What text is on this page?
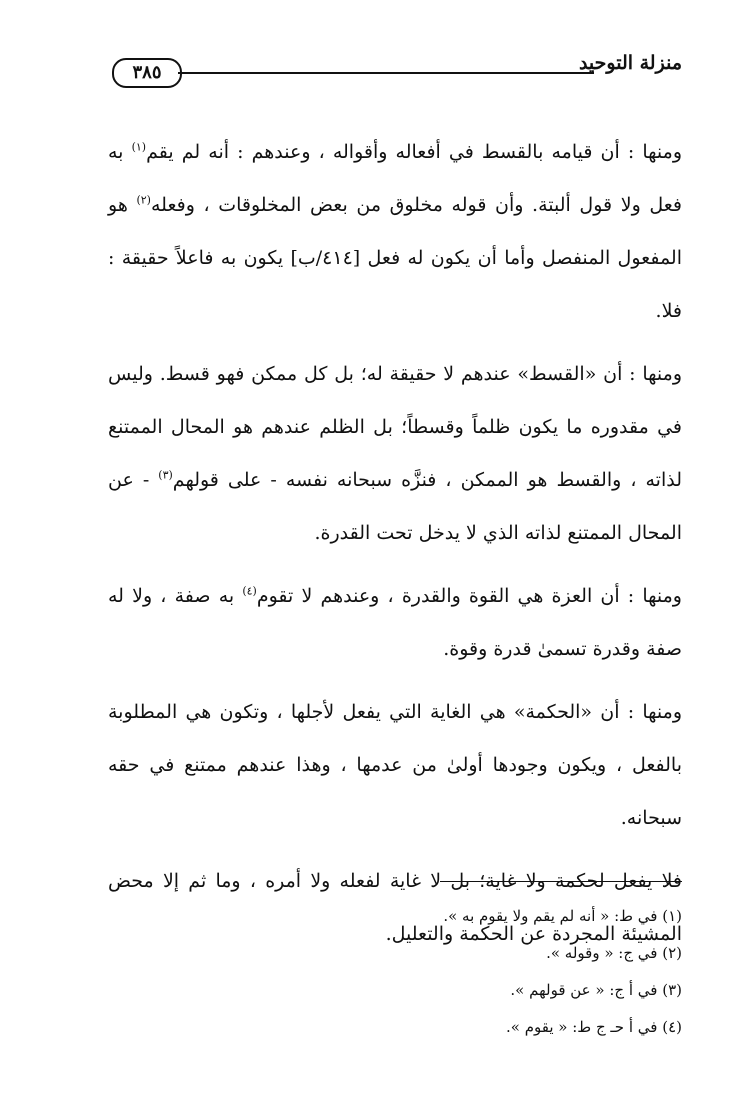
منزلة التوحيد
٣٨٥

ومنها : أن قيامه بالقسط في أفعاله وأقواله ، وعندهم : أنه لم يقم$^{(١)}$ به فعل ولا قول ألبتة. وأن قوله مخلوق من بعض المخلوقات ، وفعله$^{(٢)}$ هو المفعول المنفصل وأما أن يكون له فعل [٤١٤/ب] يكون به فاعلاً حقيقة : فلا.

ومنها : أن «القسط» عندهم لا حقيقة له؛ بل كل ممكن فهو قسط. وليس في مقدوره ما يكون ظلماً وقسطاً؛ بل الظلم عندهم هو المحال الممتنع لذاته ، والقسط هو الممكن ، فنزَّه سبحانه نفسه - على قولهم$^{(٣)}$ - عن المحال الممتنع لذاته الذي لا يدخل تحت القدرة.

ومنها : أن العزة هي القوة والقدرة ، وعندهم لا تقوم$^{(٤)}$ به صفة ، ولا له صفة وقدرة تسمىٰ قدرة وقوة.

ومنها : أن «الحكمة» هي الغاية التي يفعل لأجلها ، وتكون هي المطلوبة بالفعل ، ويكون وجودها أولىٰ من عدمها ، وهذا عندهم ممتنع في حقه سبحانه.

فلا يفعل لحكمة ولا غاية؛ بل لا غاية لفعله ولا أمره ، وما ثم إلا محض المشيئة المجردة عن الحكمة والتعليل.

(١) في ط: « أنه لم يقم ولا يقوم به ».

(٢) في ج: « وقوله ».

(٣) في أ ج: « عن قولهم ».

(٤) في أ حـ ج ط: « يقوم ».
